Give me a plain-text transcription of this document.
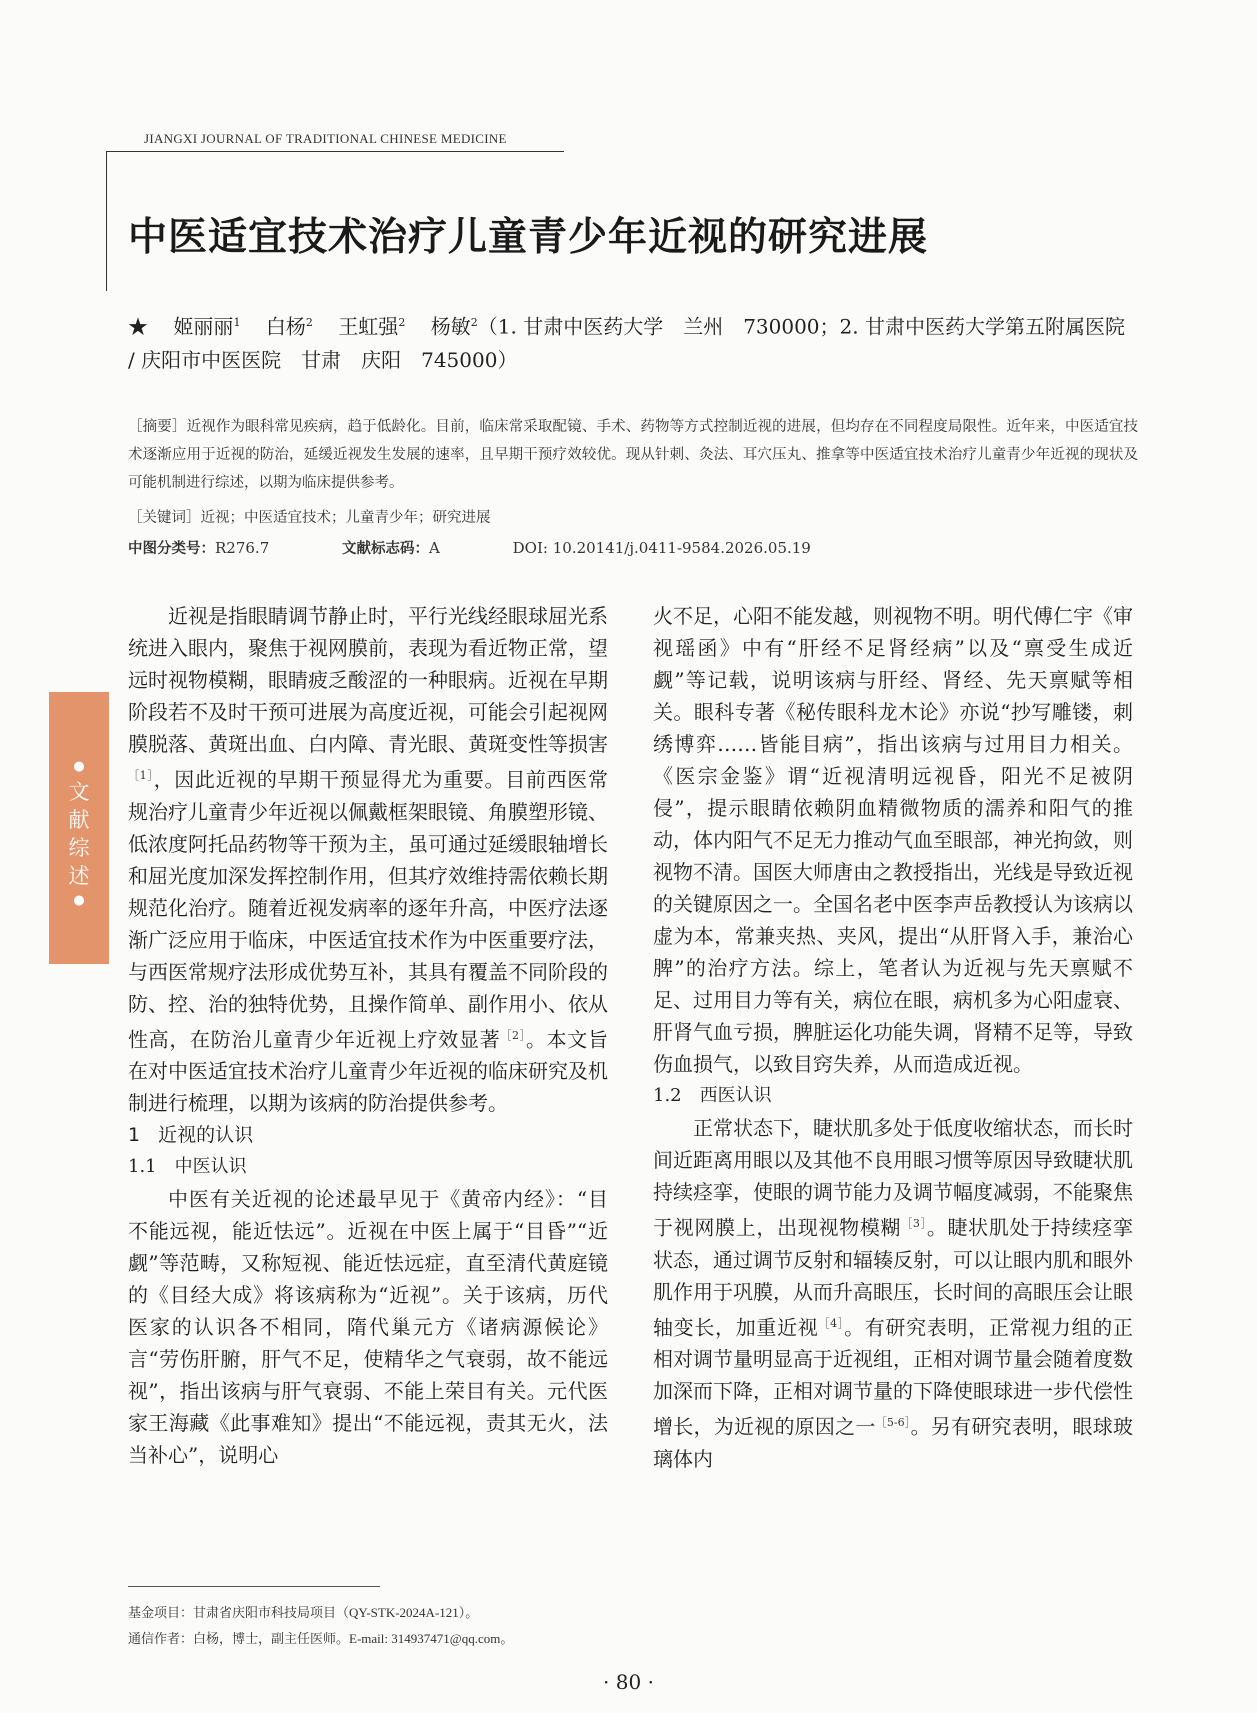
JIANGXI JOURNAL OF TRADITIONAL CHINESE MEDICINE
中医适宜技术治疗儿童青少年近视的研究进展
★ 姬丽丽$^1$ 白杨$^2$ 王虹强$^2$ 杨敏$^2$（1. 甘肃中医药大学　兰州　730000；2. 甘肃中医药大学第五附属医院 / 庆阳市中医医院　甘肃　庆阳　745000）
［摘要］近视作为眼科常见疾病，趋于低龄化。目前，临床常采取配镜、手术、药物等方式控制近视的进展，但均存在不同程度局限性。近年来，中医适宜技术逐渐应用于近视的防治，延缓近视发生发展的速率，且早期干预疗效较优。现从针刺、灸法、耳穴压丸、推拿等中医适宜技术治疗儿童青少年近视的现状及可能机制进行综述，以期为临床提供参考。
［关键词］近视；中医适宜技术；儿童青少年；研究进展
中图分类号：R276.7	文献标志码：A	DOI: 10.20141/j.0411-9584.2026.05.19
●
文
献
综
述
●

近视是指眼睛调节静止时，平行光线经眼球屈光系统进入眼内，聚焦于视网膜前，表现为看近物正常，望远时视物模糊，眼睛疲乏酸涩的一种眼病。近视在早期阶段若不及时干预可进展为高度近视，可能会引起视网膜脱落、黄斑出血、白内障、青光眼、黄斑变性等损害$^{[1]}$，因此近视的早期干预显得尤为重要。目前西医常规治疗儿童青少年近视以佩戴框架眼镜、角膜塑形镜、低浓度阿托品药物等干预为主，虽可通过延缓眼轴增长和屈光度加深发挥控制作用，但其疗效维持需依赖长期规范化治疗。随着近视发病率的逐年升高，中医疗法逐渐广泛应用于临床，中医适宜技术作为中医重要疗法，与西医常规疗法形成优势互补，其具有覆盖不同阶段的防、控、治的独特优势，且操作简单、副作用小、依从性高，在防治儿童青少年近视上疗效显著$^{[2]}$。本文旨在对中医适宜技术治疗儿童青少年近视的临床研究及机制进行梳理，以期为该病的防治提供参考。

1 近视的认识

1.1 中医认识

中医有关近视的论述最早见于《黄帝内经》：“目不能远视，能近怯远”。近视在中医上属于“目昏”“近觑”等范畴，又称短视、能近怯远症，直至清代黄庭镜的《目经大成》将该病称为“近视”。关于该病，历代医家的认识各不相同，隋代巢元方《诸病源候论》言“劳伤肝腑，肝气不足，使精华之气衰弱，故不能远视”，指出该病与肝气衰弱、不能上荣目有关。元代医家王海藏《此事难知》提出“不能远视，责其无火，法当补心”，说明心

火不足，心阳不能发越，则视物不明。明代傅仁宇《审视瑶函》中有“肝经不足肾经病”以及“禀受生成近觑”等记载，说明该病与肝经、肾经、先天禀赋等相关。眼科专著《秘传眼科龙木论》亦说“抄写雕镂，刺绣博弈……皆能目病”，指出该病与过用目力相关。《医宗金鉴》谓“近视清明远视昏，阳光不足被阴侵”，提示眼睛依赖阴血精微物质的濡养和阳气的推动，体内阳气不足无力推动气血至眼部，神光拘敛，则视物不清。国医大师唐由之教授指出，光线是导致近视的关键原因之一。全国名老中医李声岳教授认为该病以虚为本，常兼夹热、夹风，提出“从肝肾入手，兼治心脾”的治疗方法。综上，笔者认为近视与先天禀赋不足、过用目力等有关，病位在眼，病机多为心阳虚衰、肝肾气血亏损，脾脏运化功能失调，肾精不足等，导致伤血损气，以致目窍失养，从而造成近视。

1.2 西医认识

正常状态下，睫状肌多处于低度收缩状态，而长时间近距离用眼以及其他不良用眼习惯等原因导致睫状肌持续痉挛，使眼的调节能力及调节幅度减弱，不能聚焦于视网膜上，出现视物模糊$^{[3]}$。睫状肌处于持续痉挛状态，通过调节反射和辐辏反射，可以让眼内肌和眼外肌作用于巩膜，从而升高眼压，长时间的高眼压会让眼轴变长，加重近视$^{[4]}$。有研究表明，正常视力组的正相对调节量明显高于近视组，正相对调节量会随着度数加深而下降，正相对调节量的下降使眼球进一步代偿性增长，为近视的原因之一$^{[5-6]}$。另有研究表明，眼球玻璃体内

基金项目：甘肃省庆阳市科技局项目（QY-STK-2024A-121）。
通信作者：白杨，博士，副主任医师。E-mail: 314937471@qq.com。
· 80 ·
